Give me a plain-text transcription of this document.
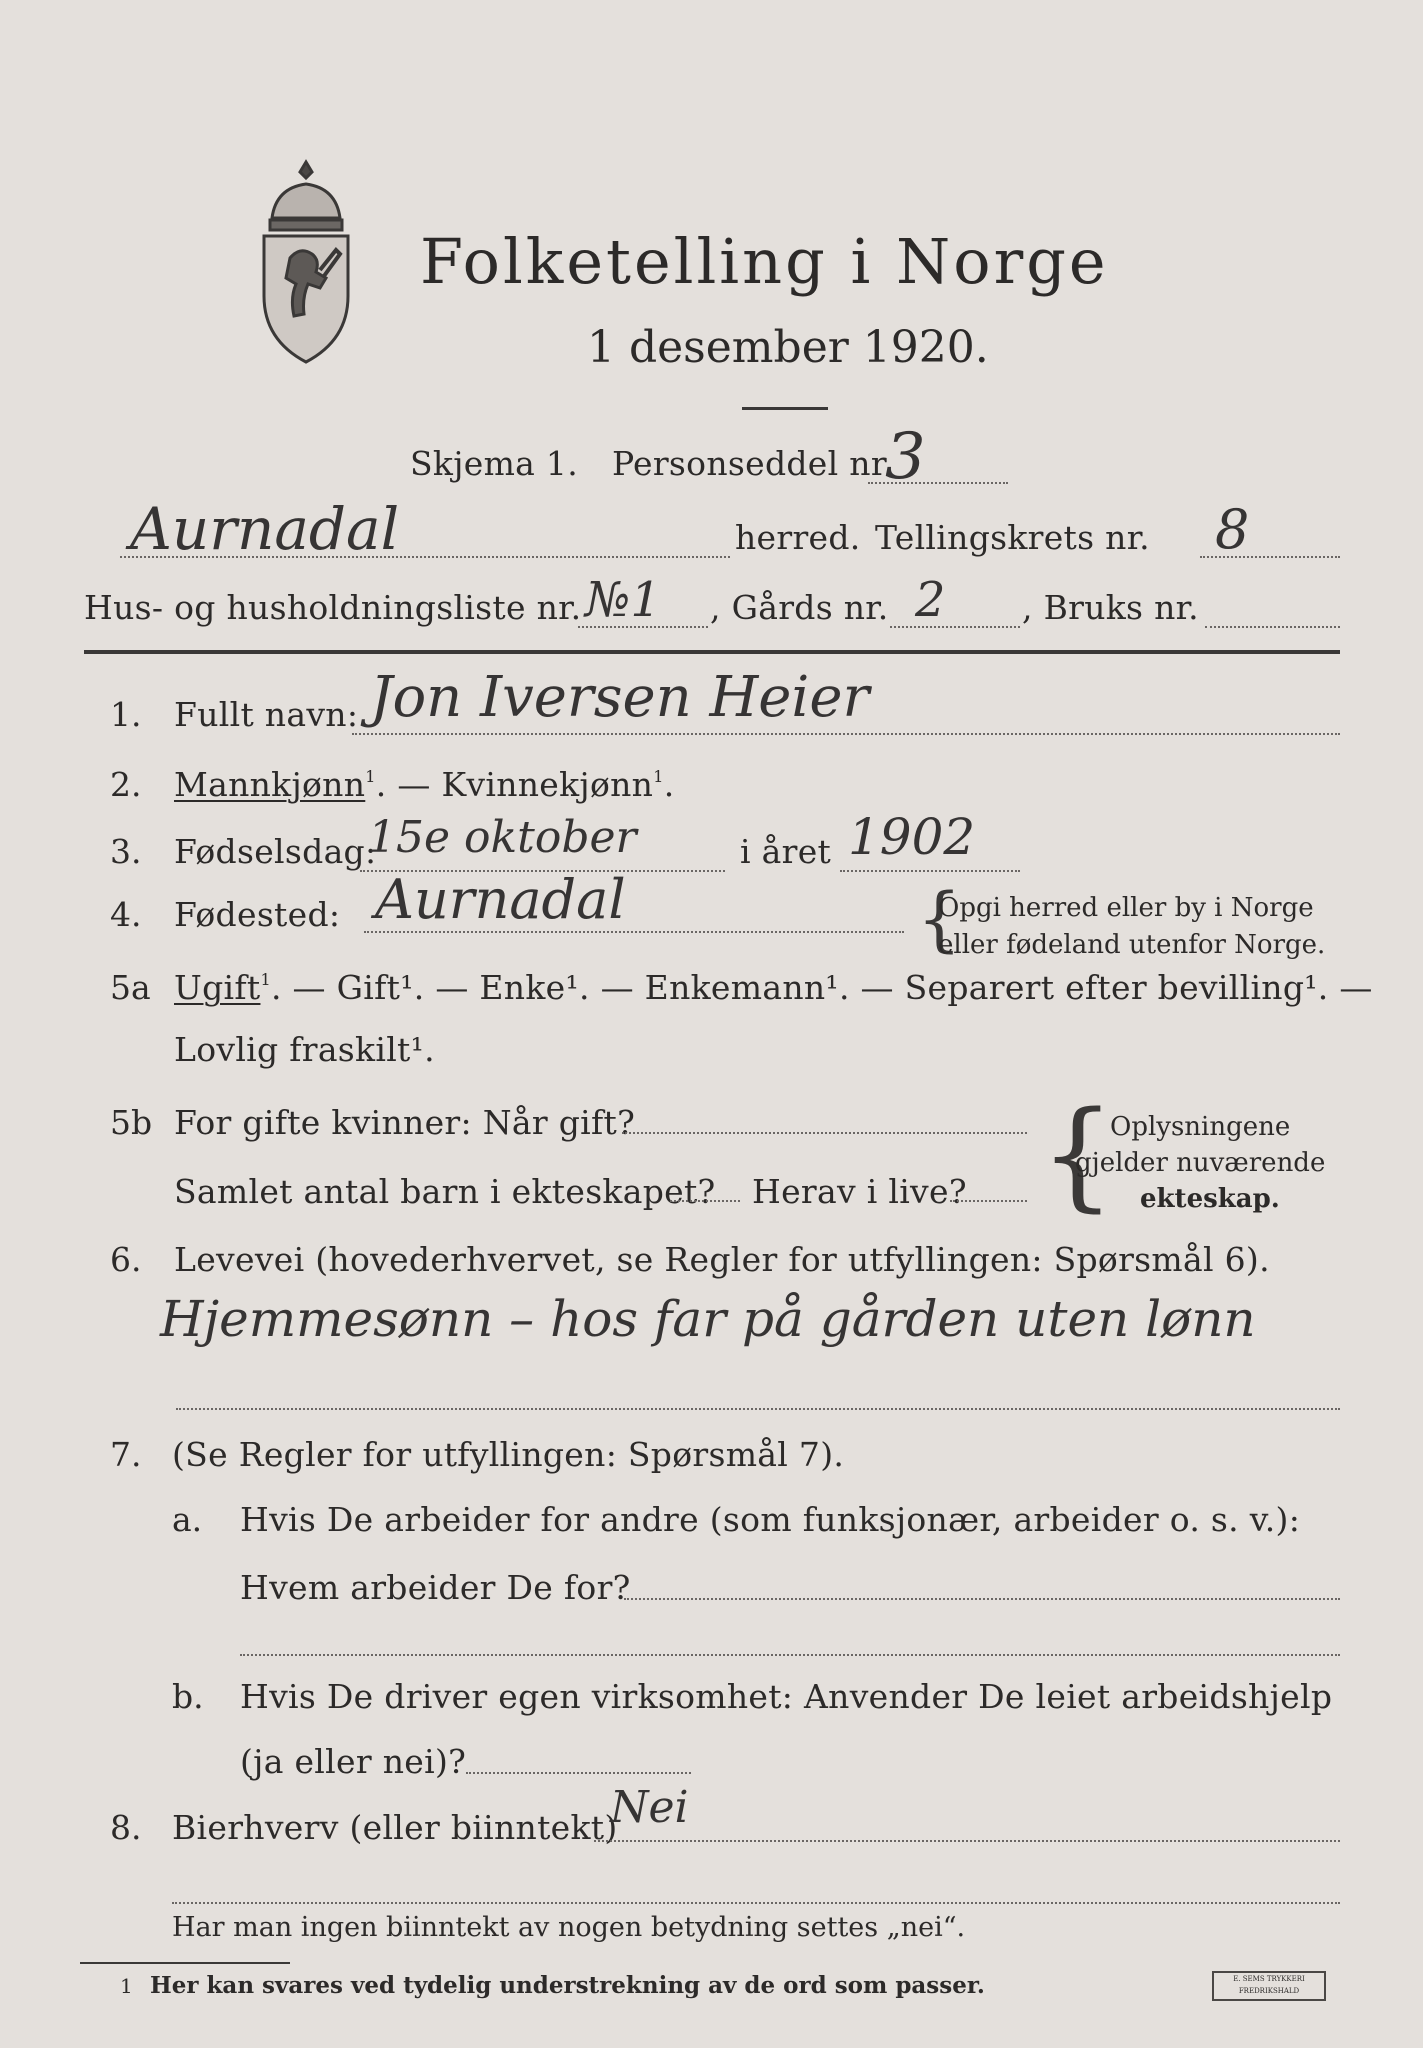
Folketelling i Norge
1 desember 1920.
Skjema 1. Personseddel nr.
3
Aurnadal	herred. Tellingskrets nr. 8
Hus- og husholdningsliste nr. №1 , Gårds nr. 2 , Bruks nr.
1. Fullt navn: Jon Iversen Heier
2. Mannkjønn$^1$. — Kvinnekjønn$^1$.
3. Fødselsdag:
15e oktober	i året 1902
4. Fødested: Aurnadal	{
Opgi herred eller by i Norge
eller fødeland utenfor Norge.
5a Ugift$^1$. — Gift¹. — Enke¹. — Enkemann¹. — Separert efter bevilling¹. —
Lovlig fraskilt¹.
5b For gifte kvinner: Når gift?
Samlet antal barn i ekteskapet? Herav i live? {
Oplysningene
gjelder nuværende
ekteskap.
6. Levevei (hovederhvervet, se Regler for utfyllingen: Spørsmål 6).
Hjemmesønn – hos far på gården uten lønn
7. (Se Regler for utfyllingen: Spørsmål 7).
a. Hvis De arbeider for andre (som funksjonær, arbeider o. s. v.):
Hvem arbeider De for?
b. Hvis De driver egen virksomhet: Anvender De leiet arbeidshjelp
(ja eller nei)?
8. Bierhverv (eller biinntekt)
Nei
Har man ingen biinntekt av nogen betydning settes „nei“.
1 Her kan svares ved tydelig understrekning av de ord som passer.	E. SEMS TRYKKERI FREDRIKSHALD
